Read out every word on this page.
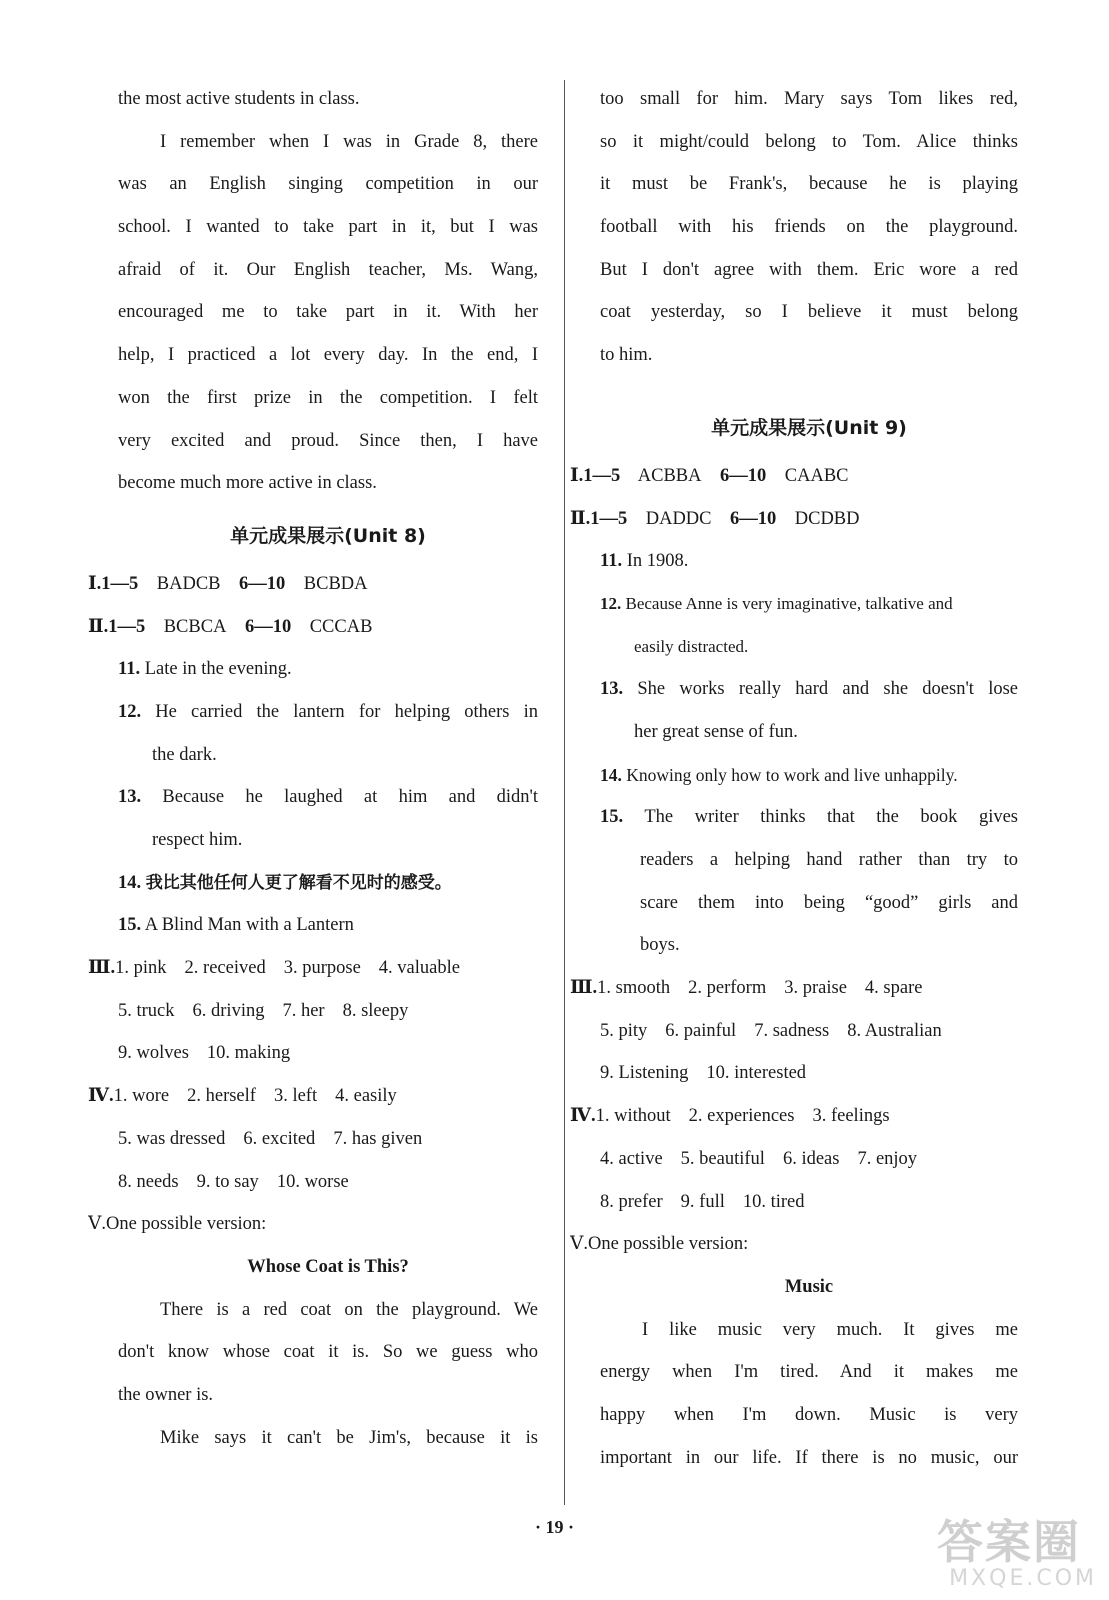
the most active students in class.
I remember when I was in Grade 8, there
was an English singing competition in our
school. I wanted to take part in it, but I was
afraid of it. Our English teacher, Ms. Wang,
encouraged me to take part in it. With her
help, I practiced a lot every day. In the end, I
won the first prize in the competition. I felt
very excited and proud. Since then, I have
become much more active in class.
单元成果展示(Unit 8)
Ⅰ.1—5 BADCB 6—10 BCBDA
Ⅱ.1—5 BCBCA 6—10 CCCAB
11. Late in the evening.
12. He carried the lantern for helping others in
the dark.
13. Because he laughed at him and didn't
respect him.
14. 我比其他任何人更了解看不见时的感受。
15. A Blind Man with a Lantern
Ⅲ.1. pink 2. received 3. purpose 4. valuable
5. truck 6. driving 7. her 8. sleepy
9. wolves 10. making
Ⅳ.1. wore 2. herself 3. left 4. easily
5. was dressed 6. excited 7. has given
8. needs 9. to say 10. worse
Ⅴ.One possible version:
Whose Coat is This?
There is a red coat on the playground. We
don't know whose coat it is. So we guess who
the owner is.
Mike says it can't be Jim's, because it is
too small for him. Mary says Tom likes red,
so it might/could belong to Tom. Alice thinks
it must be Frank's, because he is playing
football with his friends on the playground.
But I don't agree with them. Eric wore a red
coat yesterday, so I believe it must belong
to him.
单元成果展示(Unit 9)
Ⅰ.1—5 ACBBA 6—10 CAABC
Ⅱ.1—5 DADDC 6—10 DCDBD
11. In 1908.
12. Because Anne is very imaginative, talkative and
easily distracted.
13. She works really hard and she doesn't lose
her great sense of fun.
14. Knowing only how to work and live unhappily.
15. The writer thinks that the book gives
readers a helping hand rather than try to
scare them into being “good” girls and
boys.
Ⅲ.1. smooth 2. perform 3. praise 4. spare
5. pity 6. painful 7. sadness 8. Australian
9. Listening 10. interested
Ⅳ.1. without 2. experiences 3. feelings
4. active 5. beautiful 6. ideas 7. enjoy
8. prefer 9. full 10. tired
Ⅴ.One possible version:
Music
I like music very much. It gives me
energy when I'm tired. And it makes me
happy when I'm down. Music is very
important in our life. If there is no music, our
· 19 ·	答案圈
MXQE.COM
